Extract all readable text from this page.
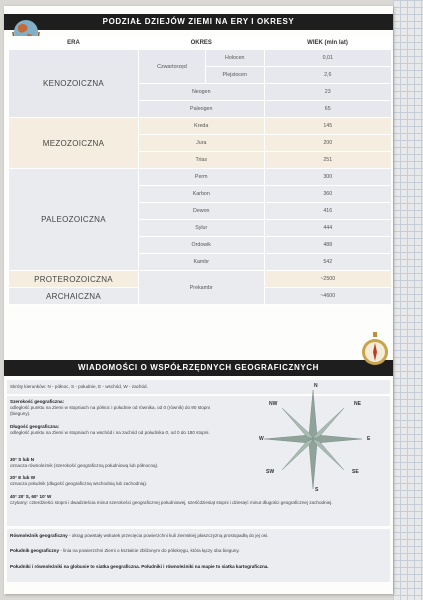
PODZIAŁ DZIEJÓW ZIEMI NA ERY I OKRESY
ERA	OKRES		WIEK (mln lat)
KENOZOICZNA	Czwartorzęd	Holocen	0,01
		Plejstocen	2,6
	Neogen		23
	Paleogen		65
MEZOZOICZNA	Kreda		145
	Jura		200
	Trias		251
PALEOZOICZNA	Perm		300
	Karbon		360
	Dewon		416
	Sylur		444
	Ordowik		488
	Kambr		542
PROTEROZOICZNA	Prekambr		~2500
ARCHAICZNA			~4600
WIADOMOŚCI O WSPÓŁRZĘDNYCH GEOGRAFICZNYCH
Skróty kierunków: N - północ, S - południe, E - wschód, W - zachód.
Szerokość geograficzna:
odległość punktu na Ziemi w stopniach na północ i południe od równika, od 0 (równik) do 90 stopni (bieguny).
Długość geograficzna:
odległość punktu na Ziemi w stopniach na wschód i na zachód od południka 0, od 0 do 180 stopni.
30° S lub N
oznacza równoleżnik (szerokość geograficzną południową lub północną).
20° E lub W
oznacza południk (długość geograficzną wschodnią lub zachodnią).
40° 20' S, 60° 10' W
czytamy: czterdzieści stopni i dwadzieścia minut szerokości geograficznej południowej, sześćdziesiąt stopni i dziesięć minut długości geograficznej zachodniej.
N
NE
E
SE
S
SW
W
NW
Równoleżnik geograficzny - okrąg powstały wskutek przecięcia powierzchni kuli ziemskiej płaszczyzną prostopadłą do jej osi.
Południk geograficzny - linia na powierzchni Ziemi o kształcie zbliżonym do półokręgu, która łączy oba bieguny.
Południki i równoleżniki na globusie to siatka geograficzna. Południki i równoleżniki na mapie to siatka kartograficzna.
